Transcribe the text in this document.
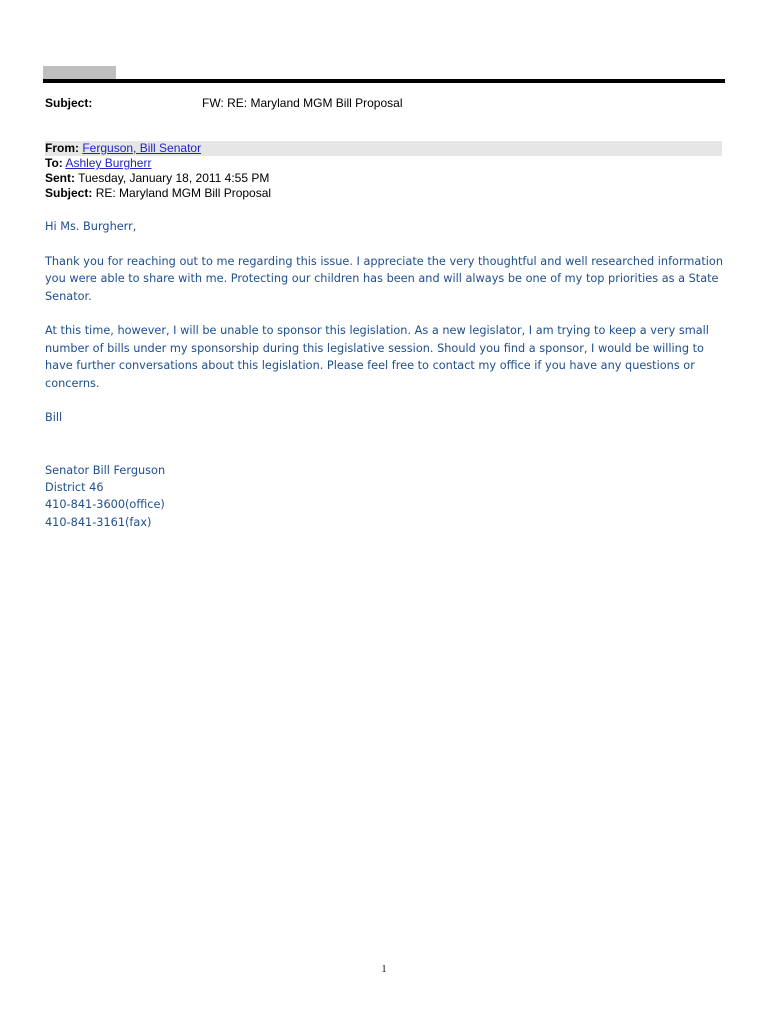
Subject:	FW: RE: Maryland MGM Bill Proposal
From: Ferguson, Bill Senator
To: Ashley Burgherr
Sent: Tuesday, January 18, 2011 4:55 PM
Subject: RE: Maryland MGM Bill Proposal

Hi Ms. Burgherr,

Thank you for reaching out to me regarding this issue. I appreciate the very thoughtful and well researched information you were able to share with me. Protecting our children has been and will always be one of my top priorities as a State Senator.

At this time, however, I will be unable to sponsor this legislation. As a new legislator, I am trying to keep a very small number of bills under my sponsorship during this legislative session. Should you find a sponsor, I would be willing to have further conversations about this legislation. Please feel free to contact my office if you have any questions or concerns.

Bill

Senator Bill Ferguson
District 46
410-841-3600(office)
410-841-3161(fax)
1
